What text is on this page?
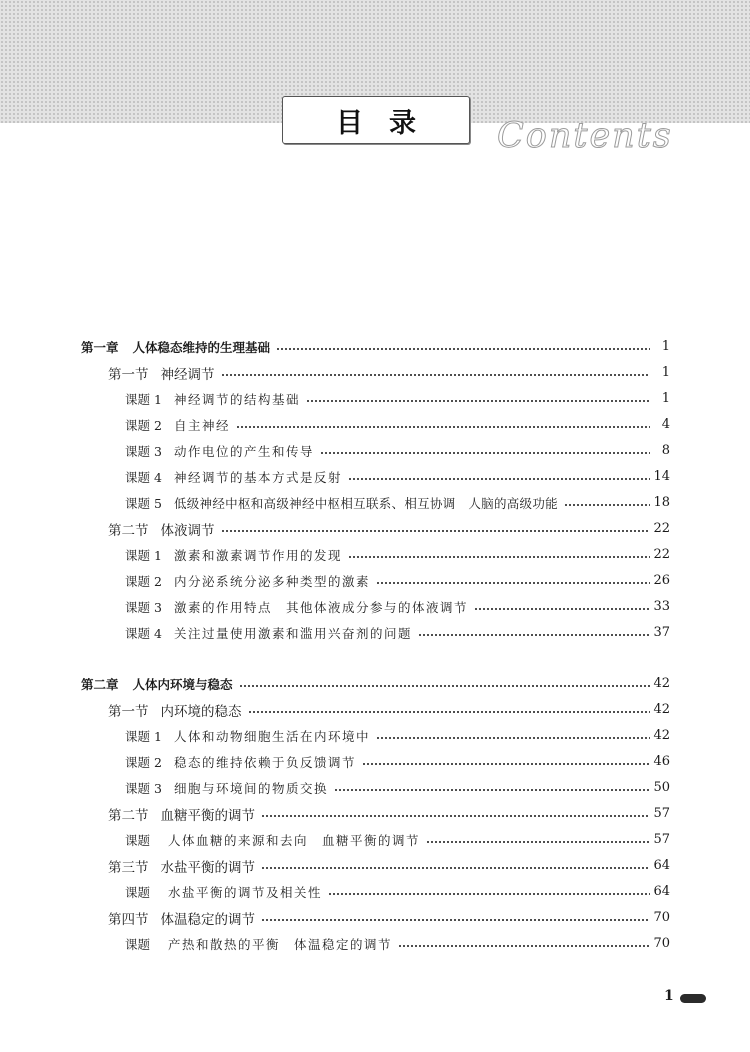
目录 Contents
第一章 人体稳态维持的生理基础	1
第一节 神经调节	1
课题 1 神经调节的结构基础	1
课题 2 自主神经	4
课题 3 动作电位的产生和传导	8
课题 4 神经调节的基本方式是反射	14
课题 5 低级神经中枢和高级神经中枢相互联系、相互协调　人脑的高级功能	18
第二节 体液调节	22
课题 1 激素和激素调节作用的发现	22
课题 2 内分泌系统分泌多种类型的激素	26
课题 3 激素的作用特点　其他体液成分参与的体液调节	33
课题 4 关注过量使用激素和滥用兴奋剂的问题	37
第二章 人体内环境与稳态	42
第一节 内环境的稳态	42
课题 1 人体和动物细胞生活在内环境中	42
课题 2 稳态的维持依赖于负反馈调节	46
课题 3 细胞与环境间的物质交换	50
第二节 血糖平衡的调节	57
课题 人体血糖的来源和去向　血糖平衡的调节	57
第三节 水盐平衡的调节	64
课题 水盐平衡的调节及相关性	64
第四节 体温稳定的调节	70
课题 产热和散热的平衡　体温稳定的调节	70
1
